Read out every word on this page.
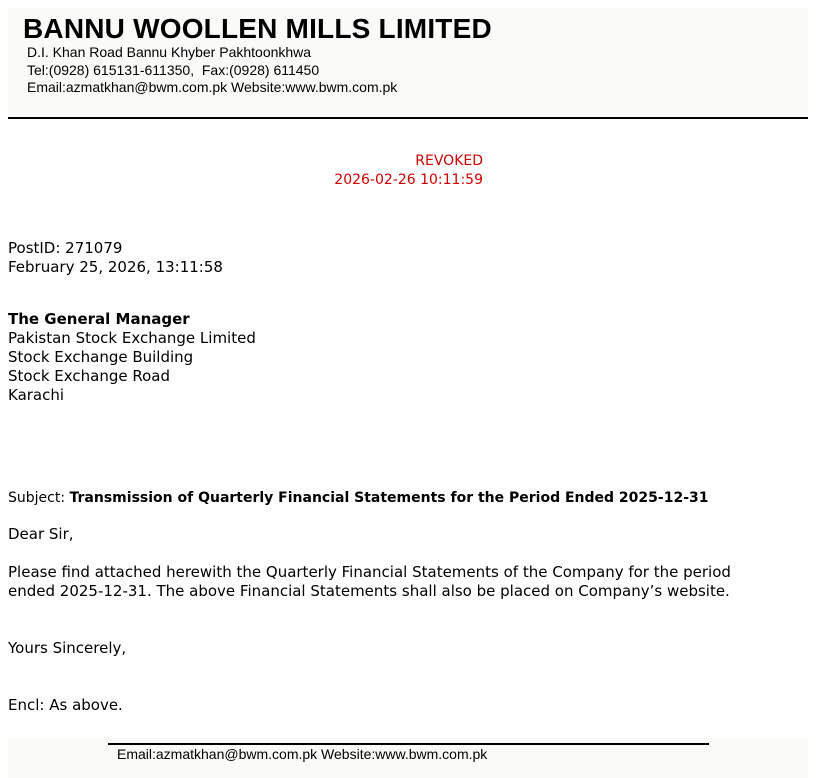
BANNU WOOLLEN MILLS LIMITED
D.I. Khan Road Bannu Khyber Pakhtoonkhwa
Tel:(0928) 615131-611350,  Fax:(0928) 611450
Email:azmatkhan@bwm.com.pk Website:www.bwm.com.pk
REVOKED
2026-02-26 10:11:59
PostID: 271079
February 25, 2026, 13:11:58
The General Manager
Pakistan Stock Exchange Limited
Stock Exchange Building
Stock Exchange Road
Karachi
Subject: Transmission of Quarterly Financial Statements for the Period Ended 2025-12-31
Dear Sir,
Please find attached herewith the Quarterly Financial Statements of the Company for the period
ended 2025-12-31. The above Financial Statements shall also be placed on Company’s website.
Yours Sincerely,
Encl: As above.
Email:azmatkhan@bwm.com.pk Website:www.bwm.com.pk
